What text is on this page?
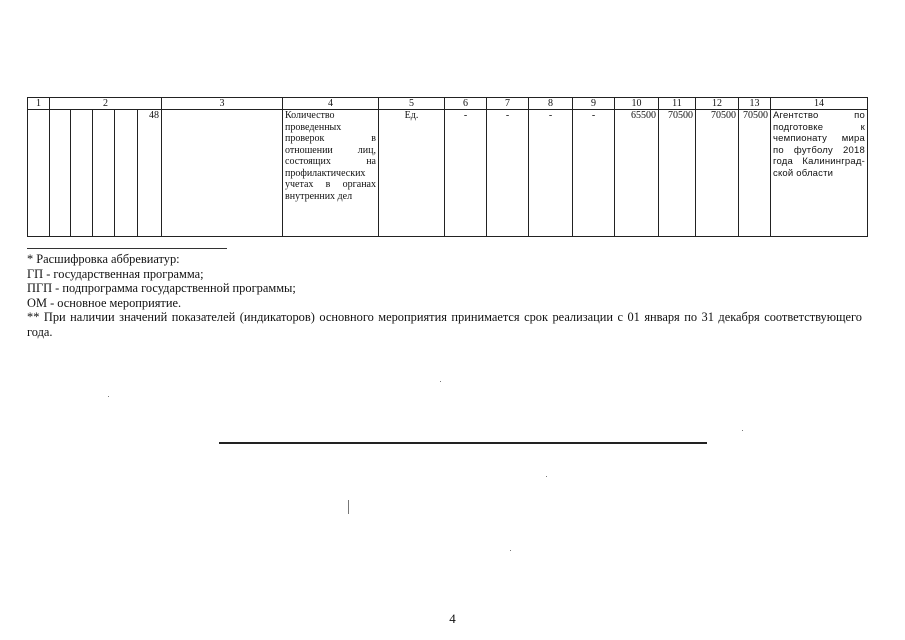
1	2	3	4	5	6	7	8	9	10	11	12	13	14

	48		Количество проведенных проверок в отношении лиц, состоящих на профилактических учетах в органах внутренних дел	Ед.	-	-	-	-	65500	70500	70500	70500	Агентство по подготовке к чемпионату мира по футболу 2018 года Калининград-ской области

* Расшифровка аббревиатур:

ГП - государственная программа;

ПГП - подпрограмма государственной программы;

ОМ - основное мероприятие.

** При наличии значений показателей (индикаторов) основного мероприятия принимается срок реализации с 01 января по 31 декабря соответствующего года.

4
